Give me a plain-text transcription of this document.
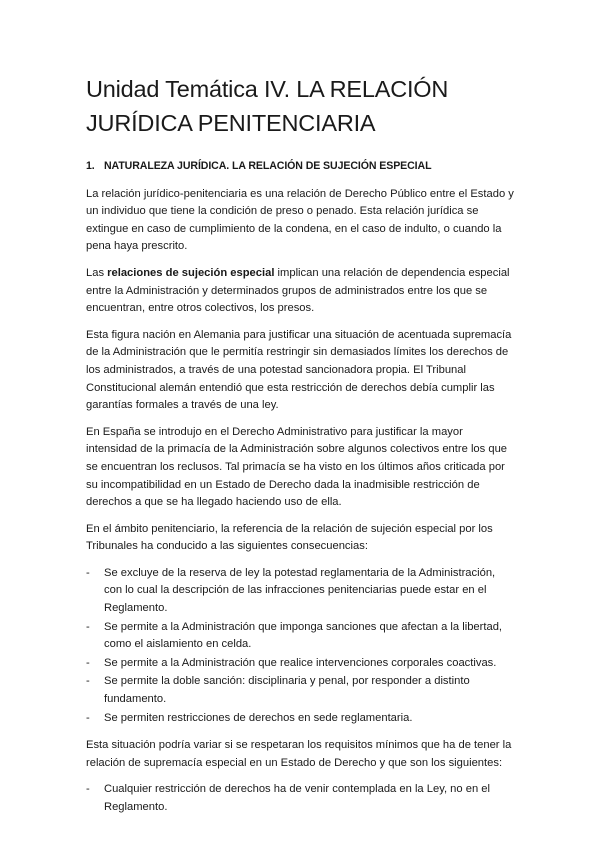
Unidad Temática IV. LA RELACIÓN
JURÍDICA PENITENCIARIA
1. NATURALEZA JURÍDICA. LA RELACIÓN DE SUJECIÓN ESPECIAL

La relación jurídico-penitenciaria es una relación de Derecho Público entre el Estado y un individuo que tiene la condición de preso o penado. Esta relación jurídica se extingue en caso de cumplimiento de la condena, en el caso de indulto, o cuando la pena haya prescrito.

Las relaciones de sujeción especial implican una relación de dependencia especial entre la Administración y determinados grupos de administrados entre los que se encuentran, entre otros colectivos, los presos.

Esta figura nación en Alemania para justificar una situación de acentuada supremacía de la Administración que le permitía restringir sin demasiados límites los derechos de los administrados, a través de una potestad sancionadora propia. El Tribunal Constitucional alemán entendió que esta restricción de derechos debía cumplir las garantías formales a través de una ley.

En España se introdujo en el Derecho Administrativo para justificar la mayor intensidad de la primacía de la Administración sobre algunos colectivos entre los que se encuentran los reclusos. Tal primacía se ha visto en los últimos años criticada por su incompatibilidad en un Estado de Derecho dada la inadmisible restricción de derechos a que se ha llegado haciendo uso de ella.

En el ámbito penitenciario, la referencia de la relación de sujeción especial por los Tribunales ha conducido a las siguientes consecuencias:

- Se excluye de la reserva de ley la potestad reglamentaria de la Administración, con lo cual la descripción de las infracciones penitenciarias puede estar en el Reglamento.
- Se permite a la Administración que imponga sanciones que afectan a la libertad, como el aislamiento en celda.
- Se permite a la Administración que realice intervenciones corporales coactivas.
- Se permite la doble sanción: disciplinaria y penal, por responder a distinto fundamento.
- Se permiten restricciones de derechos en sede reglamentaria.

Esta situación podría variar si se respetaran los requisitos mínimos que ha de tener la relación de supremacía especial en un Estado de Derecho y que son los siguientes:

- Cualquier restricción de derechos ha de venir contemplada en la Ley, no en el Reglamento.
